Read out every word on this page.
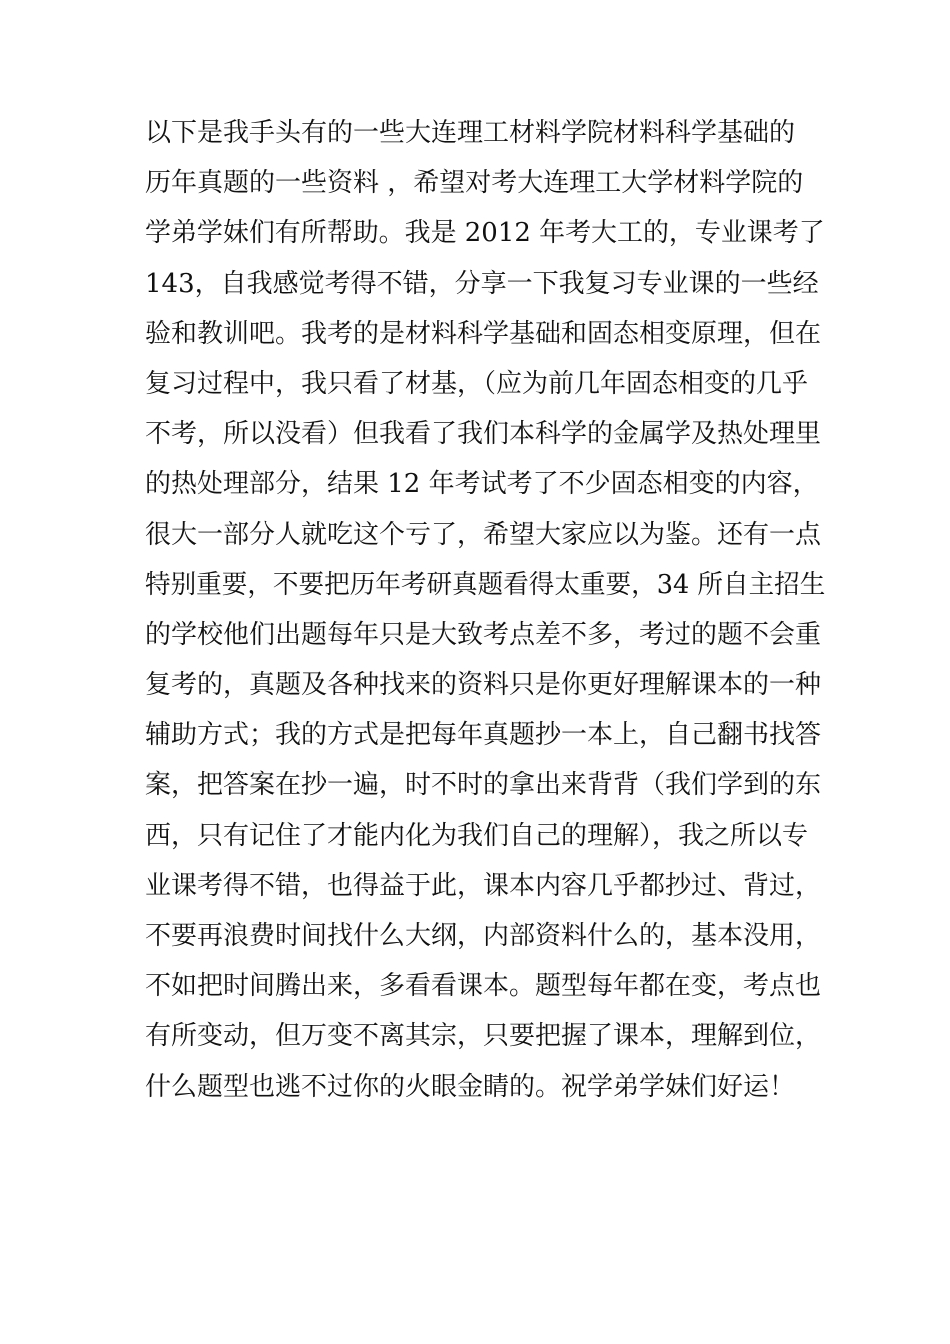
以下是我手头有的一些大连理工材料学院材料科学基础的
历年真题的一些资料 ，希望对考大连理工大学材料学院的
学弟学妹们有所帮助。我是 2012 年考大工的，专业课考了
143，自我感觉考得不错，分享一下我复习专业课的一些经
验和教训吧。我考的是材料科学基础和固态相变原理，但在
复习过程中，我只看了材基，（应为前几年固态相变的几乎
不考，所以没看）但我看了我们本科学的金属学及热处理里
的热处理部分，结果 12 年考试考了不少固态相变的内容，
很大一部分人就吃这个亏了，希望大家应以为鉴。还有一点
特别重要，不要把历年考研真题看得太重要，34 所自主招生
的学校他们出题每年只是大致考点差不多，考过的题不会重
复考的，真题及各种找来的资料只是你更好理解课本的一种
辅助方式；我的方式是把每年真题抄一本上，自己翻书找答
案，把答案在抄一遍，时不时的拿出来背背（我们学到的东
西，只有记住了才能内化为我们自己的理解），我之所以专
业课考得不错，也得益于此，课本内容几乎都抄过、背过，
不要再浪费时间找什么大纲，内部资料什么的，基本没用，
不如把时间腾出来，多看看课本。题型每年都在变，考点也
有所变动，但万变不离其宗，只要把握了课本，理解到位，
什么题型也逃不过你的火眼金睛的。祝学弟学妹们好运！
